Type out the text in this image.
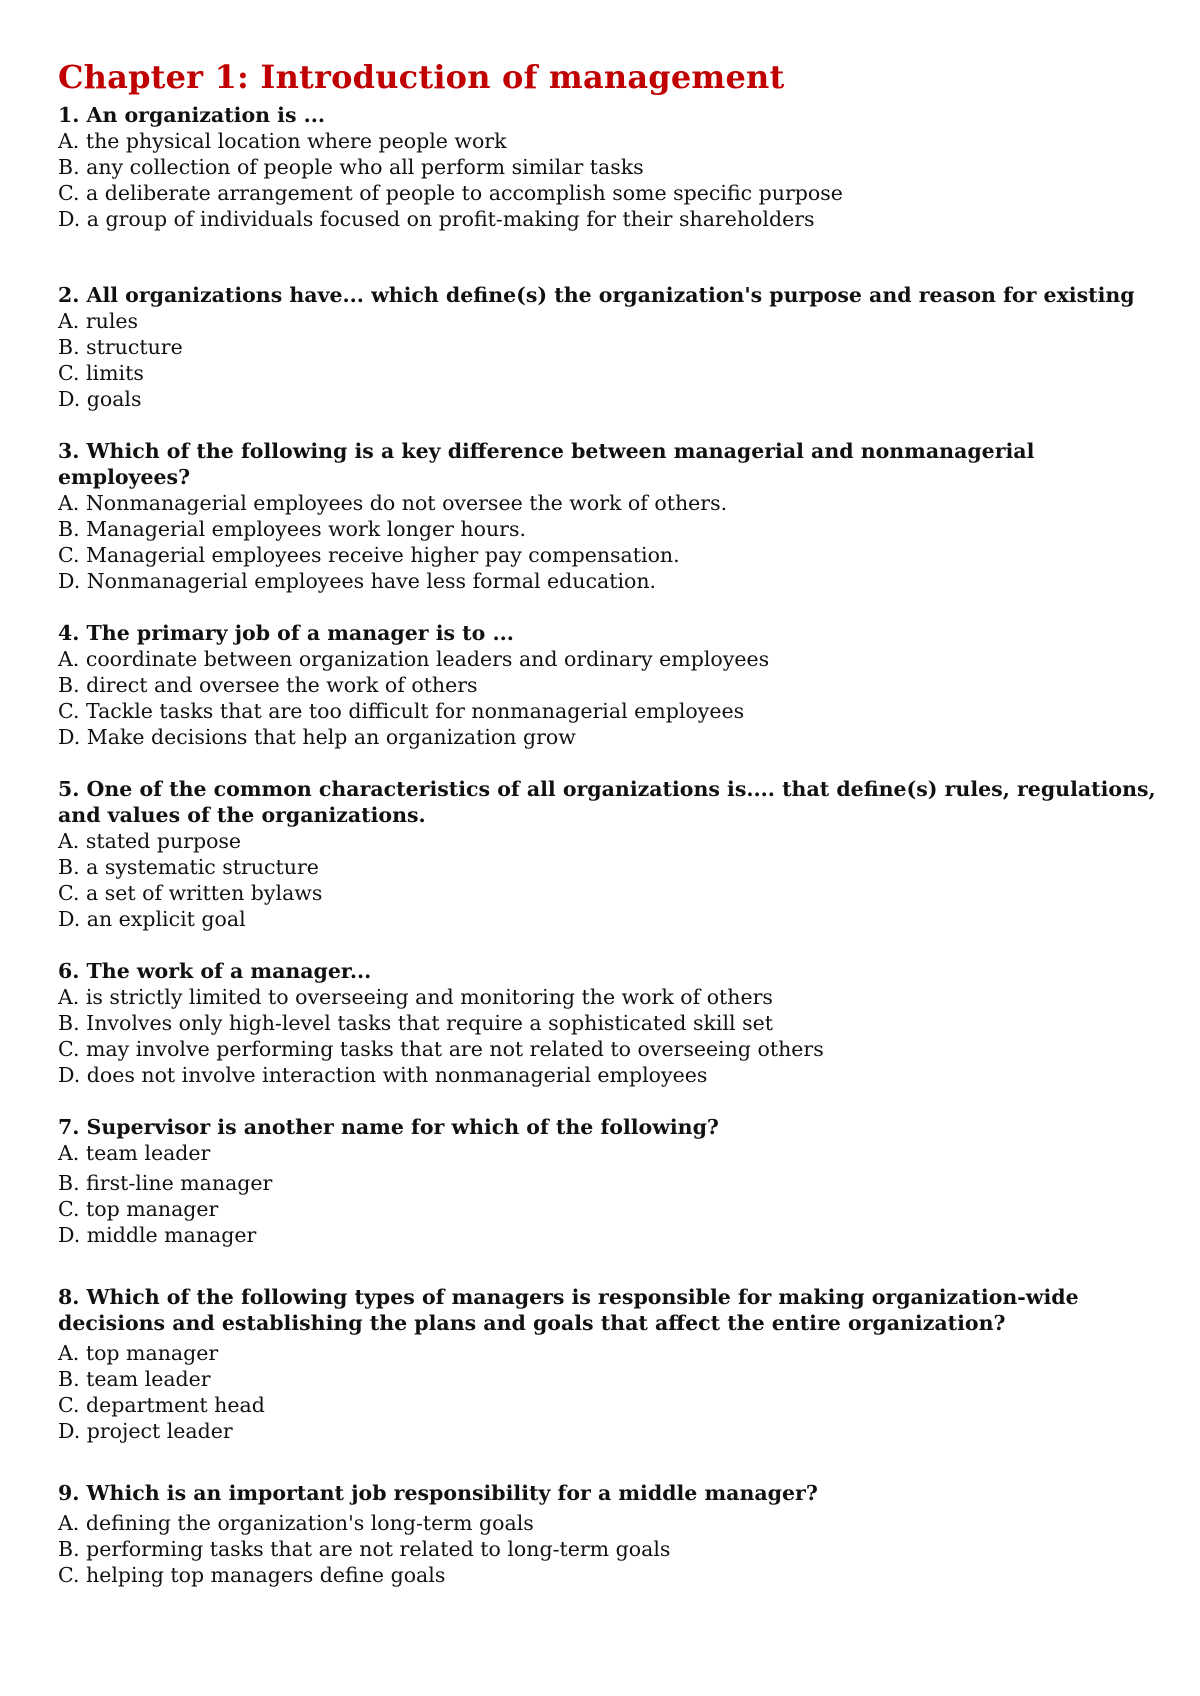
Chapter 1: Introduction of management
1. An organization is ...
A. the physical location where people work
B. any collection of people who all perform similar tasks
C. a deliberate arrangement of people to accomplish some specific purpose
D. a group of individuals focused on profit-making for their shareholders
2. All organizations have... which define(s) the organization's purpose and reason for existing
A. rules
B. structure
C. limits
D. goals
3. Which of the following is a key difference between managerial and nonmanagerial employees?
A. Nonmanagerial employees do not oversee the work of others.
B. Managerial employees work longer hours.
C. Managerial employees receive higher pay compensation.
D. Nonmanagerial employees have less formal education.
4. The primary job of a manager is to ...
A. coordinate between organization leaders and ordinary employees
B. direct and oversee the work of others
C. Tackle tasks that are too difficult for nonmanagerial employees
D. Make decisions that help an organization grow
5. One of the common characteristics of all organizations is.... that define(s) rules, regulations, and values of the organizations.
A. stated purpose
B. a systematic structure
C. a set of written bylaws
D. an explicit goal
6. The work of a manager...
A. is strictly limited to overseeing and monitoring the work of others
B. Involves only high-level tasks that require a sophisticated skill set
C. may involve performing tasks that are not related to overseeing others
D. does not involve interaction with nonmanagerial employees
7. Supervisor is another name for which of the following?
A. team leader
B. first-line manager
C. top manager
D. middle manager
8. Which of the following types of managers is responsible for making organization-wide decisions and establishing the plans and goals that affect the entire organization?
A. top manager
B. team leader
C. department head
D. project leader
9. Which is an important job responsibility for a middle manager?
A. defining the organization's long-term goals
B. performing tasks that are not related to long-term goals
C. helping top managers define goals
